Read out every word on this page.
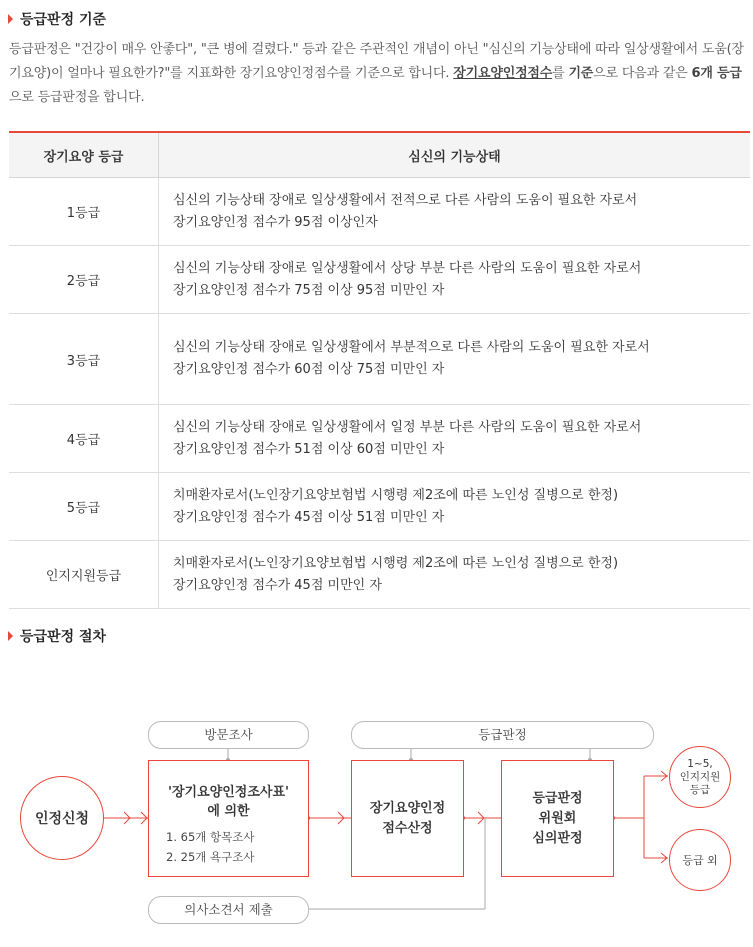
등급판정 기준
등급판정은 "건강이 매우 안좋다", "큰 병에 걸렸다." 등과 같은 주관적인 개념이 아닌 "심신의 기능상태에 따라 일상생활에서 도움(장기요양)이 얼마나 필요한가?"를 지표화한 장기요양인정점수를 기준으로 합니다. 장기요양인정점수를 기준으로 다음과 같은 6개 등급으로 등급판정을 합니다.
장기요양 등급	심신의 기능상태
1등급	심신의 기능상태 장애로 일상생활에서 전적으로 다른 사람의 도움이 필요한 자로서
장기요양인정 점수가 95점 이상인자

2등급	심신의 기능상태 장애로 일상생활에서 상당 부분 다른 사람의 도움이 필요한 자로서
장기요양인정 점수가 75점 이상 95점 미만인 자

3등급	심신의 기능상태 장애로 일상생활에서 부분적으로 다른 사람의 도움이 필요한 자로서
장기요양인정 점수가 60점 이상 75점 미만인 자

4등급	심신의 기능상태 장애로 일상생활에서 일정 부분 다른 사람의 도움이 필요한 자로서
장기요양인정 점수가 51점 이상 60점 미만인 자

5등급	치매환자로서(노인장기요양보험법 시행령 제2조에 따른 노인성 질병으로 한정)
장기요양인정 점수가 45점 이상 51점 미만인 자

인지지원등급	치매환자로서(노인장기요양보험법 시행령 제2조에 따른 노인성 질병으로 한정)
장기요양인정 점수가 45점 미만인 자
등급판정 절차
방문조사	등급판정
의사소견서 제출
인정신청
'장기요양인정조사표'
에 의한
1. 65개 항목조사
2. 25개 욕구조사
장기요양인정
점수산정
등급판정
위원회
심의판정
1~5,
인지지원
등급
등급 외
